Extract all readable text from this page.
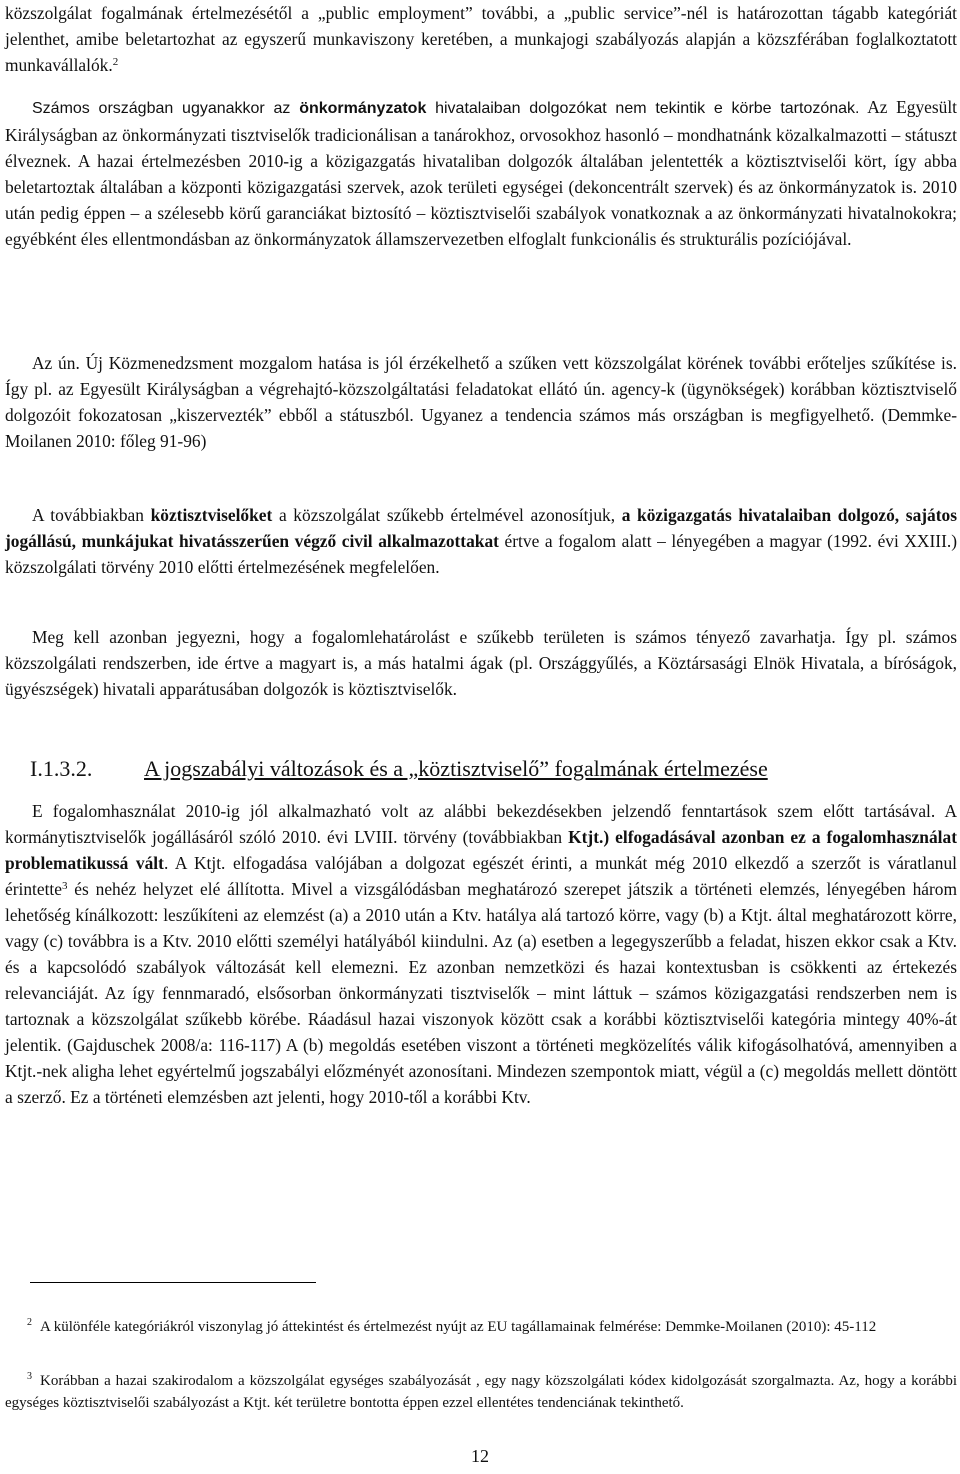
közszolgálat fogalmának értelmezésétől a „public employment” további, a „public service”-nél is határozottan tágabb kategóriát jelenthet, amibe beletartozhat az egyszerű munkaviszony keretében, a munkajogi szabályozás alapján a közszférában foglalkoztatott munkavállalók.$^2$

Számos országban ugyanakkor az önkormányzatok hivatalaiban dolgozókat nem tekintik e körbe tartozónak. Az Egyesült Királyságban az önkormányzati tisztviselők tradicionálisan a tanárokhoz, orvosokhoz hasonló – mondhatnánk közalkalmazotti – státuszt élveznek. A hazai értelmezésben 2010-ig a közigazgatás hivataliban dolgozók általában jelentették a köztisztviselői kört, így abba beletartoztak általában a központi közigazgatási szervek, azok területi egységei (dekoncentrált szervek) és az önkormányzatok is. 2010 után pedig éppen – a szélesebb körű garanciákat biztosító – köztisztviselői szabályok vonatkoznak a az önkormányzati hivatalnokokra; egyébként éles ellentmondásban az önkormányzatok államszervezetben elfoglalt funkcionális és strukturális pozíciójával.

Az ún. Új Közmenedzsment mozgalom hatása is jól érzékelhető a szűken vett közszolgálat körének további erőteljes szűkítése is. Így pl. az Egyesült Királyságban a végrehajtó-közszolgáltatási feladatokat ellátó ún. agency-k (ügynökségek) korábban köztisztviselő dolgozóit fokozatosan „kiszervezték” ebből a státuszból. Ugyanez a tendencia számos más országban is megfigyelhető. (Demmke-Moilanen 2010: főleg 91-96)

A továbbiakban köztisztviselőket a közszolgálat szűkebb értelmével azonosítjuk, a közigazgatás hivatalaiban dolgozó, sajátos jogállású, munkájukat hivatásszerűen végző civil alkalmazottakat értve a fogalom alatt – lényegében a magyar (1992. évi XXIII.) közszolgálati törvény 2010 előtti értelmezésének megfelelően.

Meg kell azonban jegyezni, hogy a fogalomlehatárolást e szűkebb területen is számos tényező zavarhatja. Így pl. számos közszolgálati rendszerben, ide értve a magyart is, a más hatalmi ágak (pl. Országgyűlés, a Köztársasági Elnök Hivatala, a bíróságok, ügyészségek) hivatali apparátusában dolgozók is köztisztviselők.

I.1.3.2. A jogszabályi változások és a „köztisztviselő” fogalmának értelmezése

E fogalomhasználat 2010-ig jól alkalmazható volt az alábbi bekezdésekben jelzendő fenntartások szem előtt tartásával. A kormánytisztviselők jogállásáról szóló 2010. évi LVIII. törvény (továbbiakban Ktjt.) elfogadásával azonban ez a fogalomhasználat problematikussá vált. A Ktjt. elfogadása valójában a dolgozat egészét érinti, a munkát még 2010 elkezdő a szerzőt is váratlanul érintette$^3$ és nehéz helyzet elé állította. Mivel a vizsgálódásban meghatározó szerepet játszik a történeti elemzés, lényegében három lehetőség kínálkozott: leszűkíteni az elemzést (a) a 2010 után a Ktv. hatálya alá tartozó körre, vagy (b) a Ktjt. által meghatározott körre, vagy (c) továbbra is a Ktv. 2010 előtti személyi hatályából kiindulni. Az (a) esetben a legegyszerűbb a feladat, hiszen ekkor csak a Ktv. és a kapcsolódó szabályok változását kell elemezni. Ez azonban nemzetközi és hazai kontextusban is csökkenti az értekezés relevanciáját. Az így fennmaradó, elsősorban önkormányzati tisztviselők – mint láttuk – számos közigazgatási rendszerben nem is tartoznak a közszolgálat szűkebb körébe. Ráadásul hazai viszonyok között csak a korábbi köztisztviselői kategória mintegy 40%-át jelentik. (Gajduschek 2008/a: 116-117) A (b) megoldás esetében viszont a történeti megközelítés válik kifogásolhatóvá, amennyiben a Ktjt.-nek aligha lehet egyértelmű jogszabályi előzményét azonosítani. Mindezen szempontok miatt, végül a (c) megoldás mellett döntött a szerző. Ez a történeti elemzésben azt jelenti, hogy 2010-től a korábbi Ktv.

$^2$ A különféle kategóriákról viszonylag jó áttekintést és értelmezést nyújt az EU tagállamainak felmérése: Demmke-Moilanen (2010): 45-112

$^3$ Korábban a hazai szakirodalom a közszolgálat egységes szabályozását , egy nagy közszolgálati kódex kidolgozását szorgalmazta. Az, hogy a korábbi egységes köztisztviselői szabályozást a Ktjt. két területre bontotta éppen ezzel ellentétes tendenciának tekinthető.

12
